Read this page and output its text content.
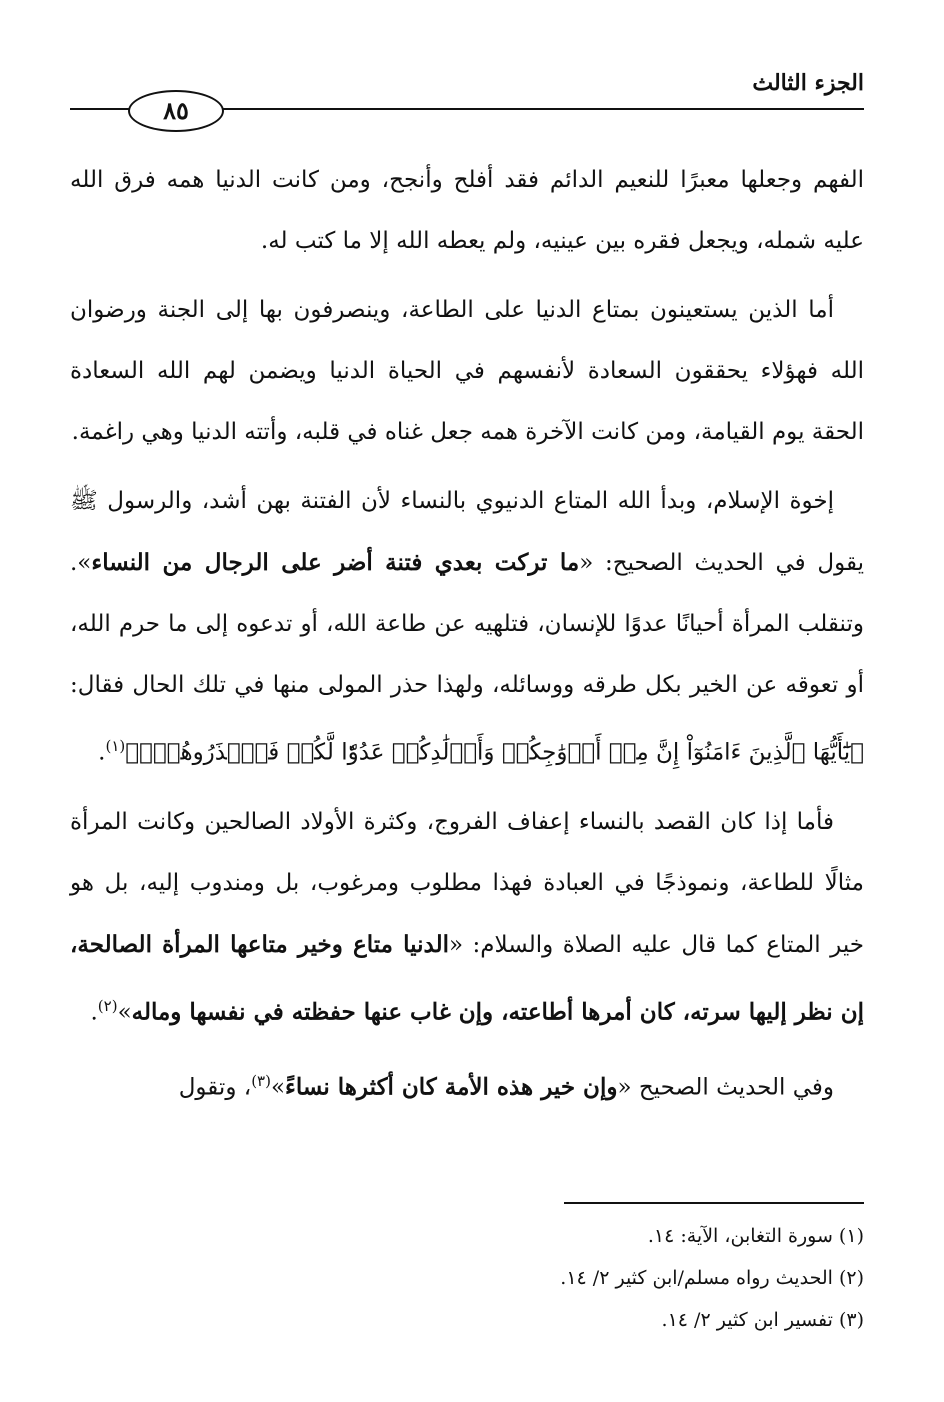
الجزء الثالث
٨٥

الفهم وجعلها معبرًا للنعيم الدائم فقد أفلح وأنجح، ومن كانت الدنيا همه فرق الله عليه شمله، ويجعل فقره بين عينيه، ولم يعطه الله إلا ما كتب له.

أما الذين يستعينون بمتاع الدنيا على الطاعة، وينصرفون بها إلى الجنة ورضوان الله فهؤلاء يحققون السعادة لأنفسهم في الحياة الدنيا ويضمن لهم الله السعادة الحقة يوم القيامة، ومن كانت الآخرة همه جعل غناه في قلبه، وأتته الدنيا وهي راغمة.

إخوة الإسلام، وبدأ الله المتاع الدنيوي بالنساء لأن الفتنة بهن أشد، والرسول ﷺ يقول في الحديث الصحيح: «ما تركت بعدي فتنة أضر على الرجال من النساء». وتنقلب المرأة أحيانًا عدوًا للإنسان، فتلهيه عن طاعة الله، أو تدعوه إلى ما حرم الله، أو تعوقه عن الخير بكل طرقه ووسائله، ولهذا حذر المولى منها في تلك الحال فقال: ﴿يَٰٓأَيُّهَا ٱلَّذِينَ ءَامَنُوٓاْ إِنَّ مِنۡ أَزۡوَٰجِكُمۡ وَأَوۡلَٰدِكُمۡ عَدُوّٗا لَّكُمۡ فَٱحۡذَرُوهُمۡۚ﴾$^{(١)}$.

فأما إذا كان القصد بالنساء إعفاف الفروج، وكثرة الأولاد الصالحين وكانت المرأة مثالًا للطاعة، ونموذجًا في العبادة فهذا مطلوب ومرغوب، بل ومندوب إليه، بل هو خير المتاع كما قال عليه الصلاة والسلام: «الدنيا متاع وخير متاعها المرأة الصالحة، إن نظر إليها سرته، كان أمرها أطاعته، وإن غاب عنها حفظته في نفسها وماله»$^{(٢)}$.

وفي الحديث الصحيح «وإن خير هذه الأمة كان أكثرها نساءً»$^{(٣)}$، وتقول

(١) سورة التغابن، الآية: ١٤.
(٢) الحديث رواه مسلم/ابن كثير ٢/ ١٤.
(٣) تفسير ابن كثير ٢/ ١٤.
